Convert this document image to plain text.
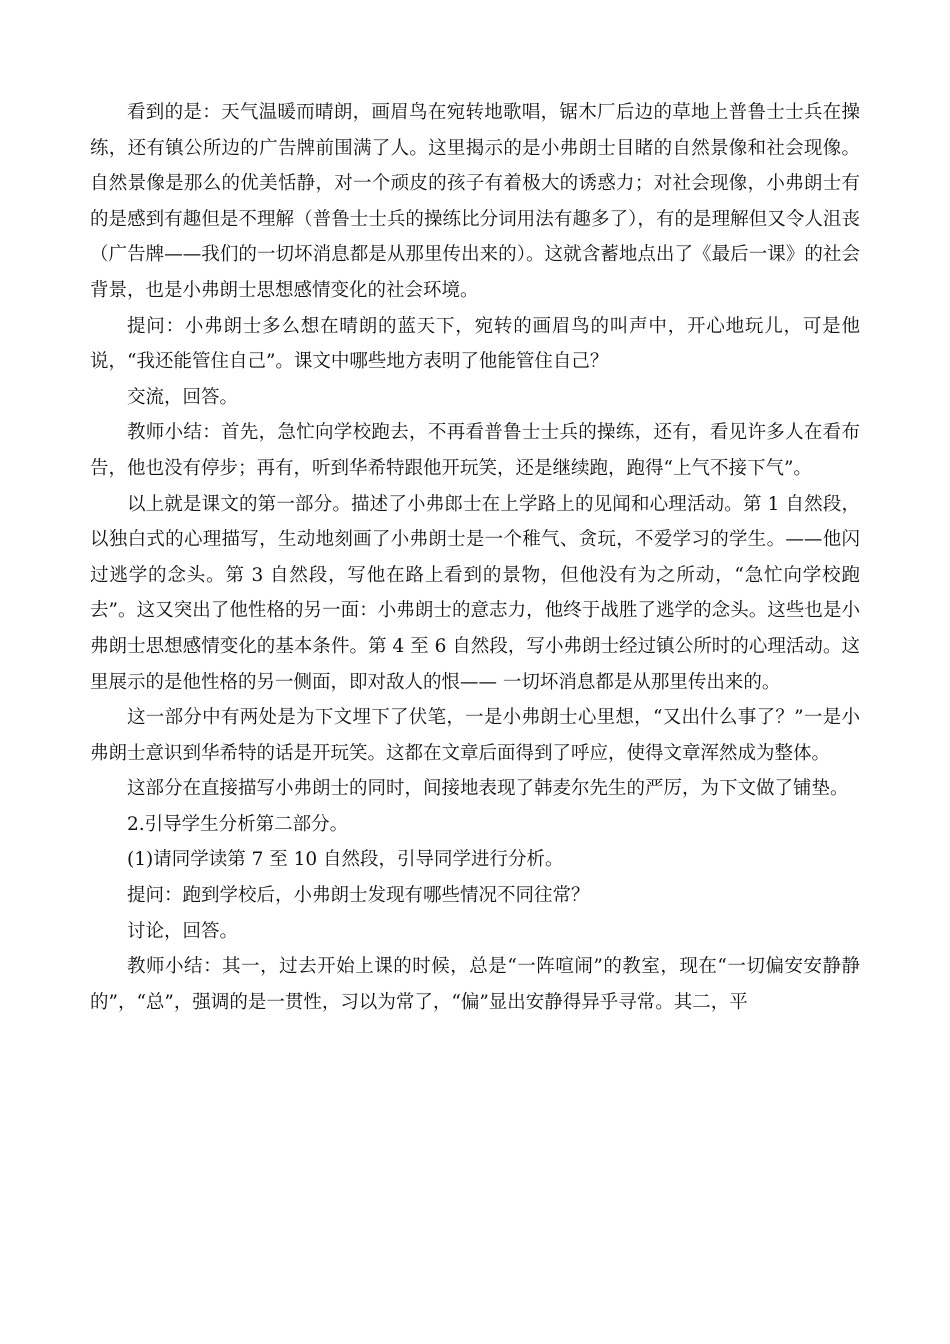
看到的是：天气温暖而晴朗，画眉鸟在宛转地歌唱，锯木厂后边的草地上普鲁士士兵在操练，还有镇公所边的广告牌前围满了人。这里揭示的是小弗朗士目睹的自然景像和社会现像。自然景像是那么的优美恬静，对一个顽皮的孩子有着极大的诱惑力；对社会现像，小弗朗士有的是感到有趣但是不理解（普鲁士士兵的操练比分词用法有趣多了），有的是理解但又令人沮丧（广告牌——我们的一切坏消息都是从那里传出来的）。这就含蓄地点出了《最后一课》的社会背景，也是小弗朗士思想感情变化的社会环境。

提问：小弗朗士多么想在晴朗的蓝天下，宛转的画眉鸟的叫声中，开心地玩儿，可是他说，“我还能管住自己”。课文中哪些地方表明了他能管住自己？

交流，回答。

教师小结：首先，急忙向学校跑去，不再看普鲁士士兵的操练，还有，看见许多人在看布告，他也没有停步；再有，听到华希特跟他开玩笑，还是继续跑，跑得“上气不接下气”。

以上就是课文的第一部分。描述了小弗郎士在上学路上的见闻和心理活动。第 1 自然段，以独白式的心理描写，生动地刻画了小弗朗士是一个稚气、贪玩，不爱学习的学生。——他闪过逃学的念头。第 3 自然段，写他在路上看到的景物，但他没有为之所动，“急忙向学校跑去”。这又突出了他性格的另一面：小弗朗士的意志力，他终于战胜了逃学的念头。这些也是小弗朗士思想感情变化的基本条件。第 4 至 6 自然段，写小弗朗士经过镇公所时的心理活动。这里展示的是他性格的另一侧面，即对敌人的恨—— 一切坏消息都是从那里传出来的。

这一部分中有两处是为下文埋下了伏笔，一是小弗朗士心里想，“又出什么事了？”一是小弗朗士意识到华希特的话是开玩笑。这都在文章后面得到了呼应，使得文章浑然成为整体。

这部分在直接描写小弗朗士的同时，间接地表现了韩麦尔先生的严厉，为下文做了铺垫。

2.引导学生分析第二部分。

(1)请同学读第 7 至 10 自然段，引导同学进行分析。

提问：跑到学校后，小弗朗士发现有哪些情况不同往常？

讨论，回答。

教师小结：其一，过去开始上课的时候，总是“一阵喧闹”的教室，现在“一切偏安安静静的”，“总”，强调的是一贯性，习以为常了，“偏”显出安静得异乎寻常。其二，平
